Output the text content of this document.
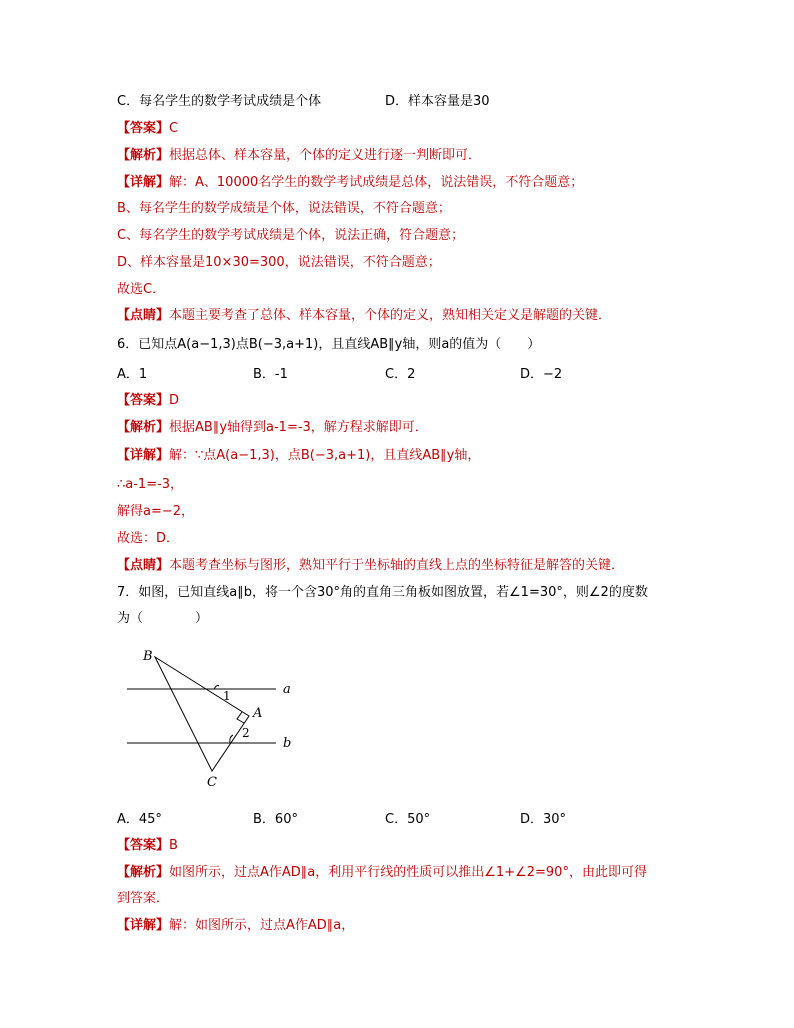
C．每名学生的数学考试成绩是个体	D．样本容量是30
【答案】C
【解析】根据总体、样本容量，个体的定义进行逐一判断即可．
【详解】解：A、10000名学生的数学考试成绩是总体，说法错误，不符合题意；
B、每名学生的数学成绩是个体，说法错误，不符合题意；
C、每名学生的数学考试成绩是个体，说法正确，符合题意；
D、样本容量是10×30=300，说法错误，不符合题意；
故选C．
【点睛】本题主要考查了总体、样本容量，个体的定义，熟知相关定义是解题的关键．
6．已知点A(a−1,3)点B(−3,a+1)，且直线AB∥y轴，则a的值为（　　）
A．1	B．-1	C．2	D．−2
【答案】D
【解析】根据AB∥y轴得到a-1=-3，解方程求解即可．
【详解】解：∵点A(a−1,3)，点B(−3,a+1)，且直线AB∥y轴，
∴a-1=-3，
解得a=−2，
故选：D．
【点睛】本题考查坐标与图形，熟知平行于坐标轴的直线上点的坐标特征是解答的关键．
7．如图，已知直线a∥b，将一个含30°角的直角三角板如图放置，若∠1=30°，则∠2的度数
为（　　　　）
B
A
C
1
2
a
b
A．45°	B．60°	C．50°	D．30°
【答案】B
【解析】如图所示，过点A作AD∥a，利用平行线的性质可以推出∠1+∠2=90°，由此即可得
到答案．
【详解】解：如图所示，过点A作AD∥a，
